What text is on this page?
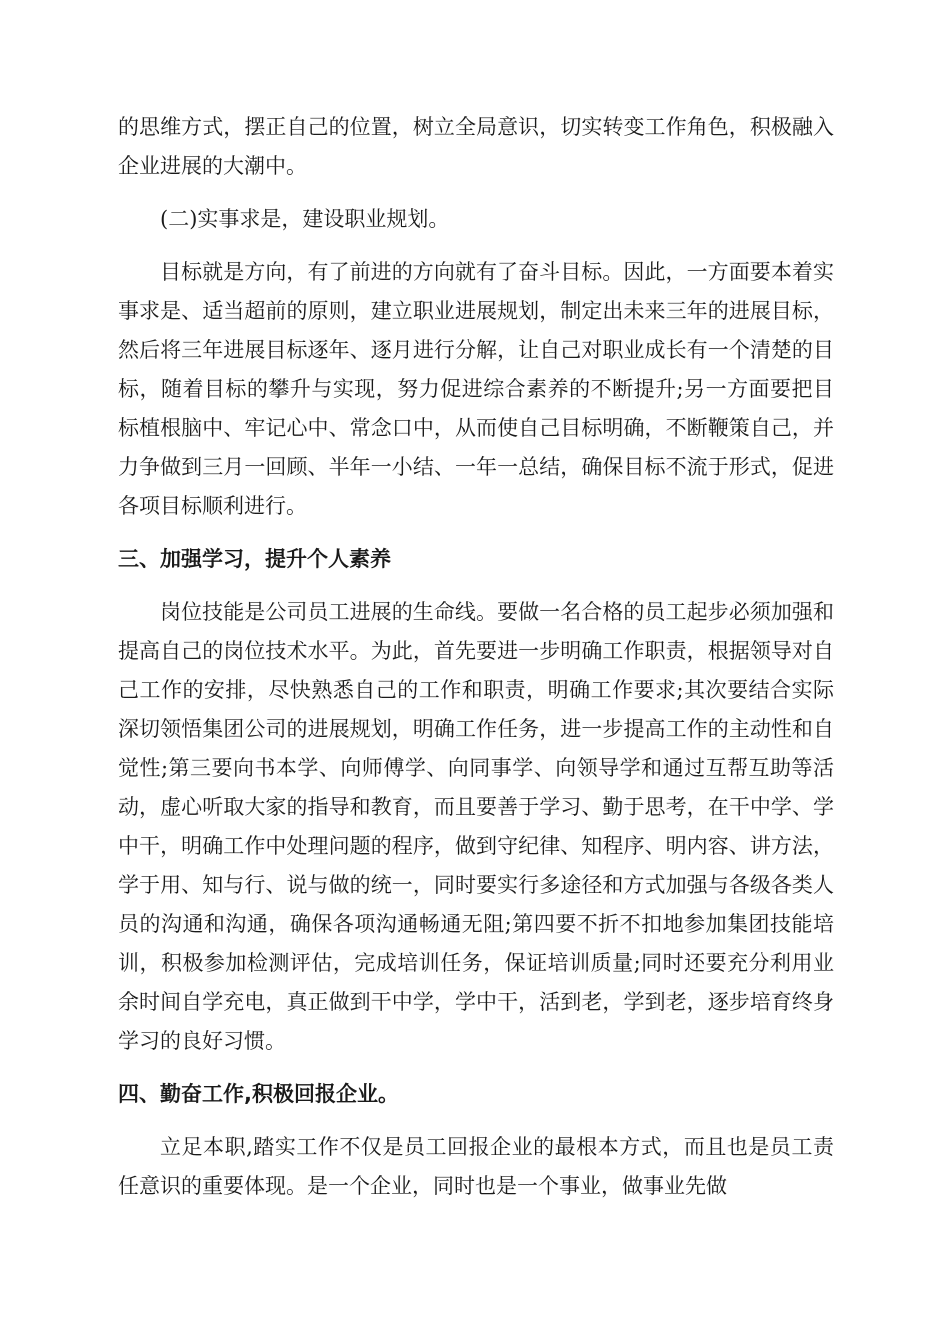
的思维方式，摆正自己的位置，树立全局意识，切实转变工作角色，积极融入企业进展的大潮中。

(二)实事求是，建设职业规划。

目标就是方向，有了前进的方向就有了奋斗目标。因此，一方面要本着实事求是、适当超前的原则，建立职业进展规划，制定出未来三年的进展目标，然后将三年进展目标逐年、逐月进行分解，让自己对职业成长有一个清楚的目标，随着目标的攀升与实现，努力促进综合素养的不断提升;另一方面要把目标植根脑中、牢记心中、常念口中，从而使自己目标明确，不断鞭策自己，并力争做到三月一回顾、半年一小结、一年一总结，确保目标不流于形式，促进各项目标顺利进行。

三、加强学习，提升个人素养

岗位技能是公司员工进展的生命线。要做一名合格的员工起步必须加强和提高自己的岗位技术水平。为此，首先要进一步明确工作职责，根据领导对自己工作的安排，尽快熟悉自己的工作和职责，明确工作要求;其次要结合实际深切领悟集团公司的进展规划，明确工作任务，进一步提高工作的主动性和自觉性;第三要向书本学、向师傅学、向同事学、向领导学和通过互帮互助等活动，虚心听取大家的指导和教育，而且要善于学习、勤于思考，在干中学、学中干，明确工作中处理问题的程序，做到守纪律、知程序、明内容、讲方法，学于用、知与行、说与做的统一，同时要实行多途径和方式加强与各级各类人员的沟通和沟通，确保各项沟通畅通无阻;第四要不折不扣地参加集团技能培训，积极参加检测评估，完成培训任务，保证培训质量;同时还要充分利用业余时间自学充电，真正做到干中学，学中干，活到老，学到老，逐步培育终身学习的良好习惯。

四、勤奋工作,积极回报企业。

立足本职,踏实工作不仅是员工回报企业的最根本方式，而且也是员工责任意识的重要体现。是一个企业，同时也是一个事业，做事业先做
